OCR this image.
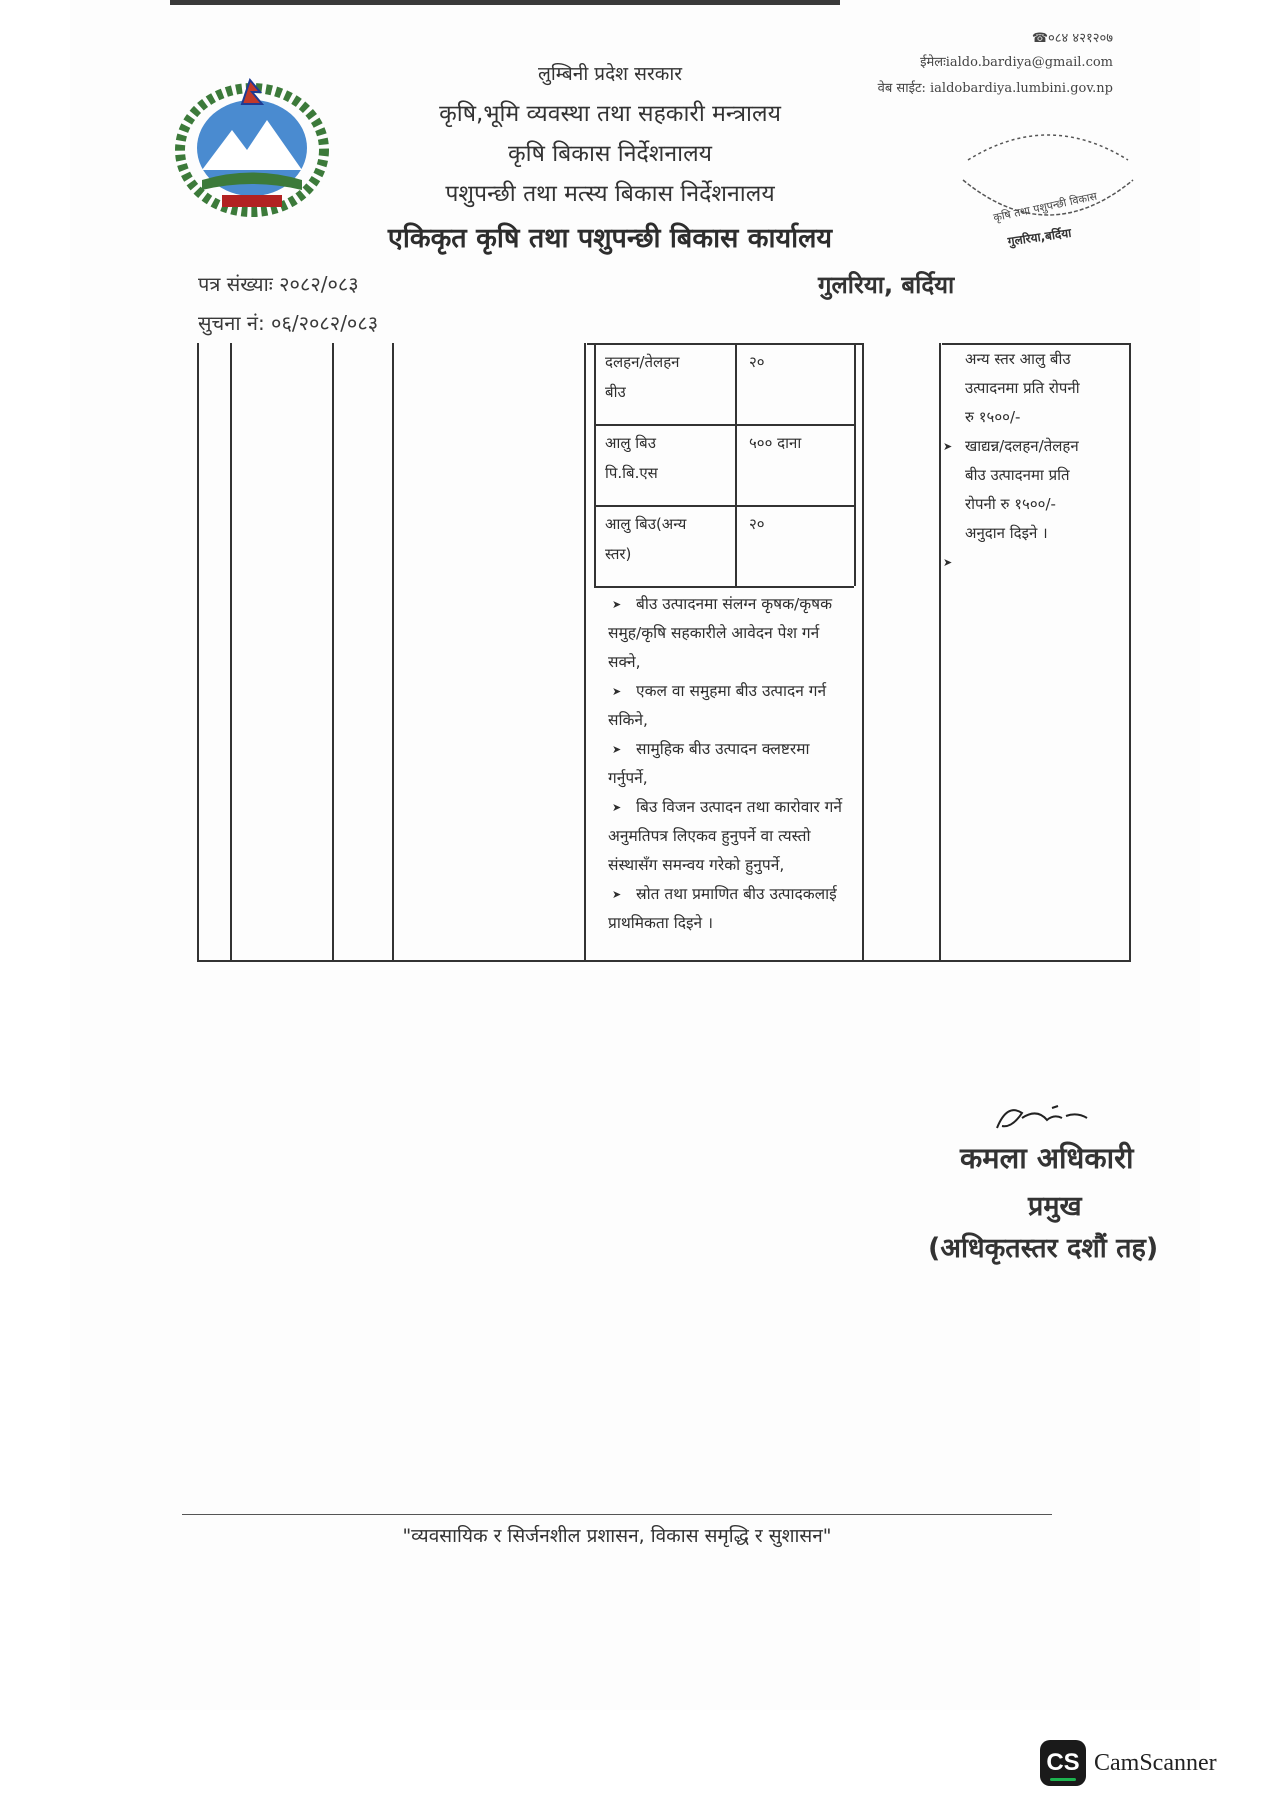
लुम्बिनी प्रदेश सरकार
कृषि,भूमि व्यवस्था तथा सहकारी मन्त्रालय
कृषि बिकास निर्देशनालय
पशुपन्छी तथा मत्स्य बिकास निर्देशनालय
एकिकृत कृषि तथा पशुपन्छी बिकास कार्यालय
☎०८४ ४२१२०७
ईमेलःialdo.bardiya@gmail.com
वेब साईट: ialdobardiya.lumbini.gov.np
कृषि तथा पशुपन्छी विकास
गुलरिया,बर्दिया
पत्र संख्याः २०८२/०८३
सुचना नं: ०६/२०८२/०८३
गुलरिया, बर्दिया
दलहन/तेलहन
बीउ
२०
आलु बिउ
पि.बि.एस
५०० दाना
आलु बिउ(अन्य
स्तर)
२०
अन्य स्तर आलु बीउ
उत्पादनमा प्रति रोपनी
रु १५००/-
➤ खाद्यन्न/दलहन/तेलहन
बीउ उत्पादनमा प्रति
रोपनी रु १५००/-
अनुदान दिइने ।
➤
➤ बीउ उत्पादनमा संलग्न कृषक/कृषक समुह/कृषि सहकारीले आवेदन पेश गर्न सक्ने,
➤ एकल वा समुहमा बीउ उत्पादन गर्न सकिने,
➤ सामुहिक बीउ उत्पादन क्लष्टरमा गर्नुपर्ने,
➤ बिउ विजन उत्पादन तथा कारोवार गर्ने अनुमतिपत्र लिएकव हुनुपर्ने वा त्यस्तो संस्थासँग समन्वय गरेको हुनुपर्ने,
➤ स्रोत तथा प्रमाणित बीउ उत्पादकलाई प्राथमिकता दिइने ।
कमला अधिकारी
प्रमुख
(अधिकृतस्तर दशौं तह)
"व्यवसायिक र सिर्जनशील प्रशासन, विकास समृद्धि र सुशासन"
CS CamScanner
